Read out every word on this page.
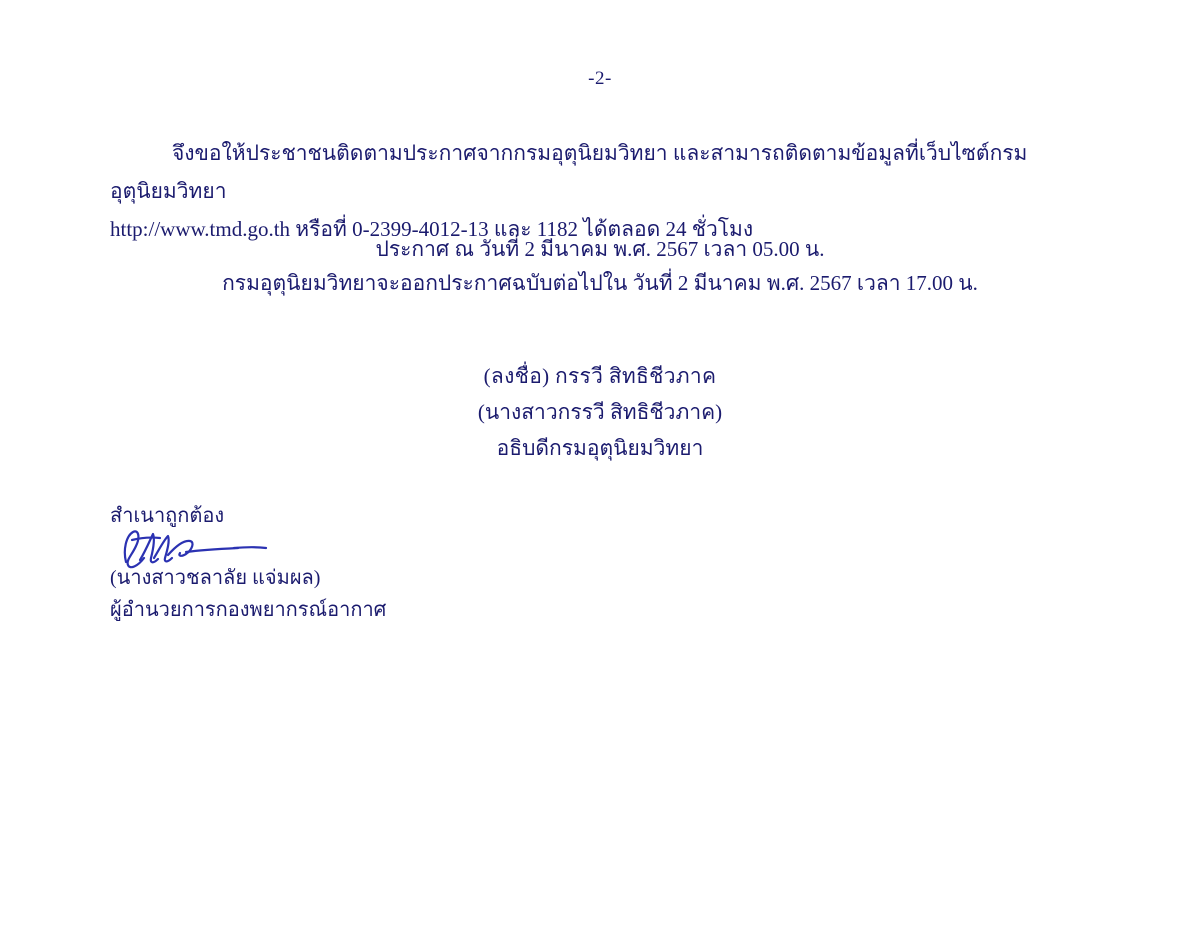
-2-
จึงขอให้ประชาชนติดตามประกาศจากกรมอุตุนิยมวิทยา และสามารถติดตามข้อมูลที่เว็บไซต์กรมอุตุนิยมวิทยา
http://www.tmd.go.th หรือที่ 0-2399-4012-13 และ 1182 ได้ตลอด 24 ชั่วโมง
ประกาศ ณ วันที่ 2 มีนาคม พ.ศ. 2567 เวลา 05.00 น.
กรมอุตุนิยมวิทยาจะออกประกาศฉบับต่อไปใน วันที่ 2 มีนาคม พ.ศ. 2567 เวลา 17.00 น.
(ลงชื่อ) กรรวี สิทธิชีวภาค
(นางสาวกรรวี สิทธิชีวภาค)
อธิบดีกรมอุตุนิยมวิทยา
สำเนาถูกต้อง
(นางสาวชลาลัย แจ่มผล)
ผู้อำนวยการกองพยากรณ์อากาศ
